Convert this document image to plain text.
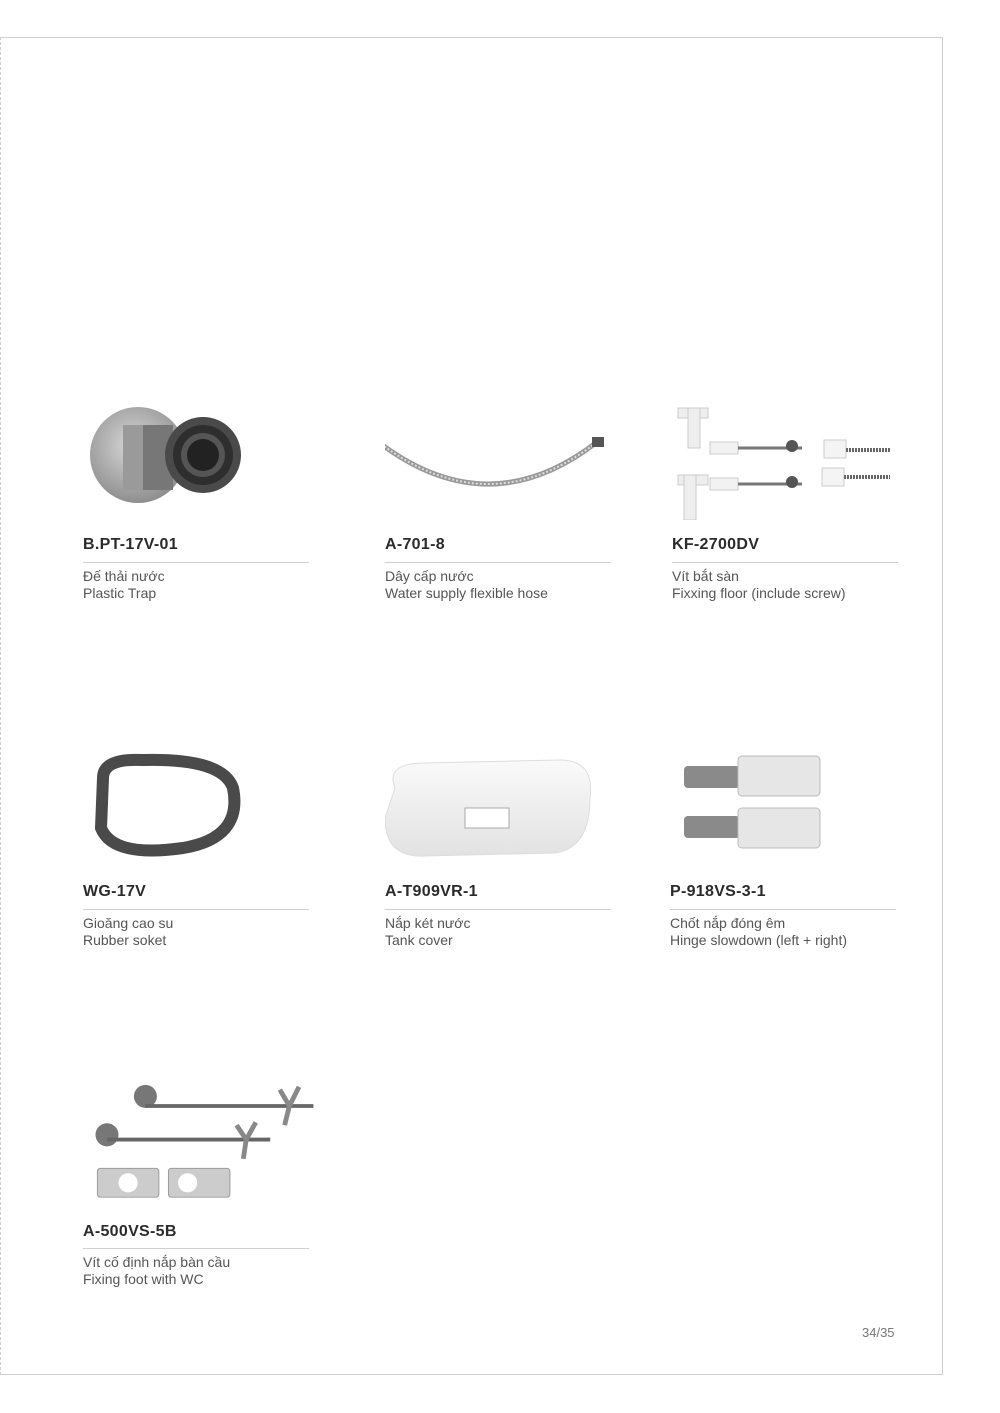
B.PT-17V-01
Đế thải nước
Plastic Trap
A-701-8
Dây cấp nước
Water supply flexible hose
KF-2700DV
Vít bắt sàn
Fixxing floor (include screw)
WG-17V
Gioăng cao su
Rubber soket
A-T909VR-1
Nắp két nước
Tank cover
P-918VS-3-1
Chốt nắp đóng êm
Hinge slowdown (left + right)
A-500VS-5B
Vít cố định nắp bàn cầu
Fixing foot with WC
34/35
